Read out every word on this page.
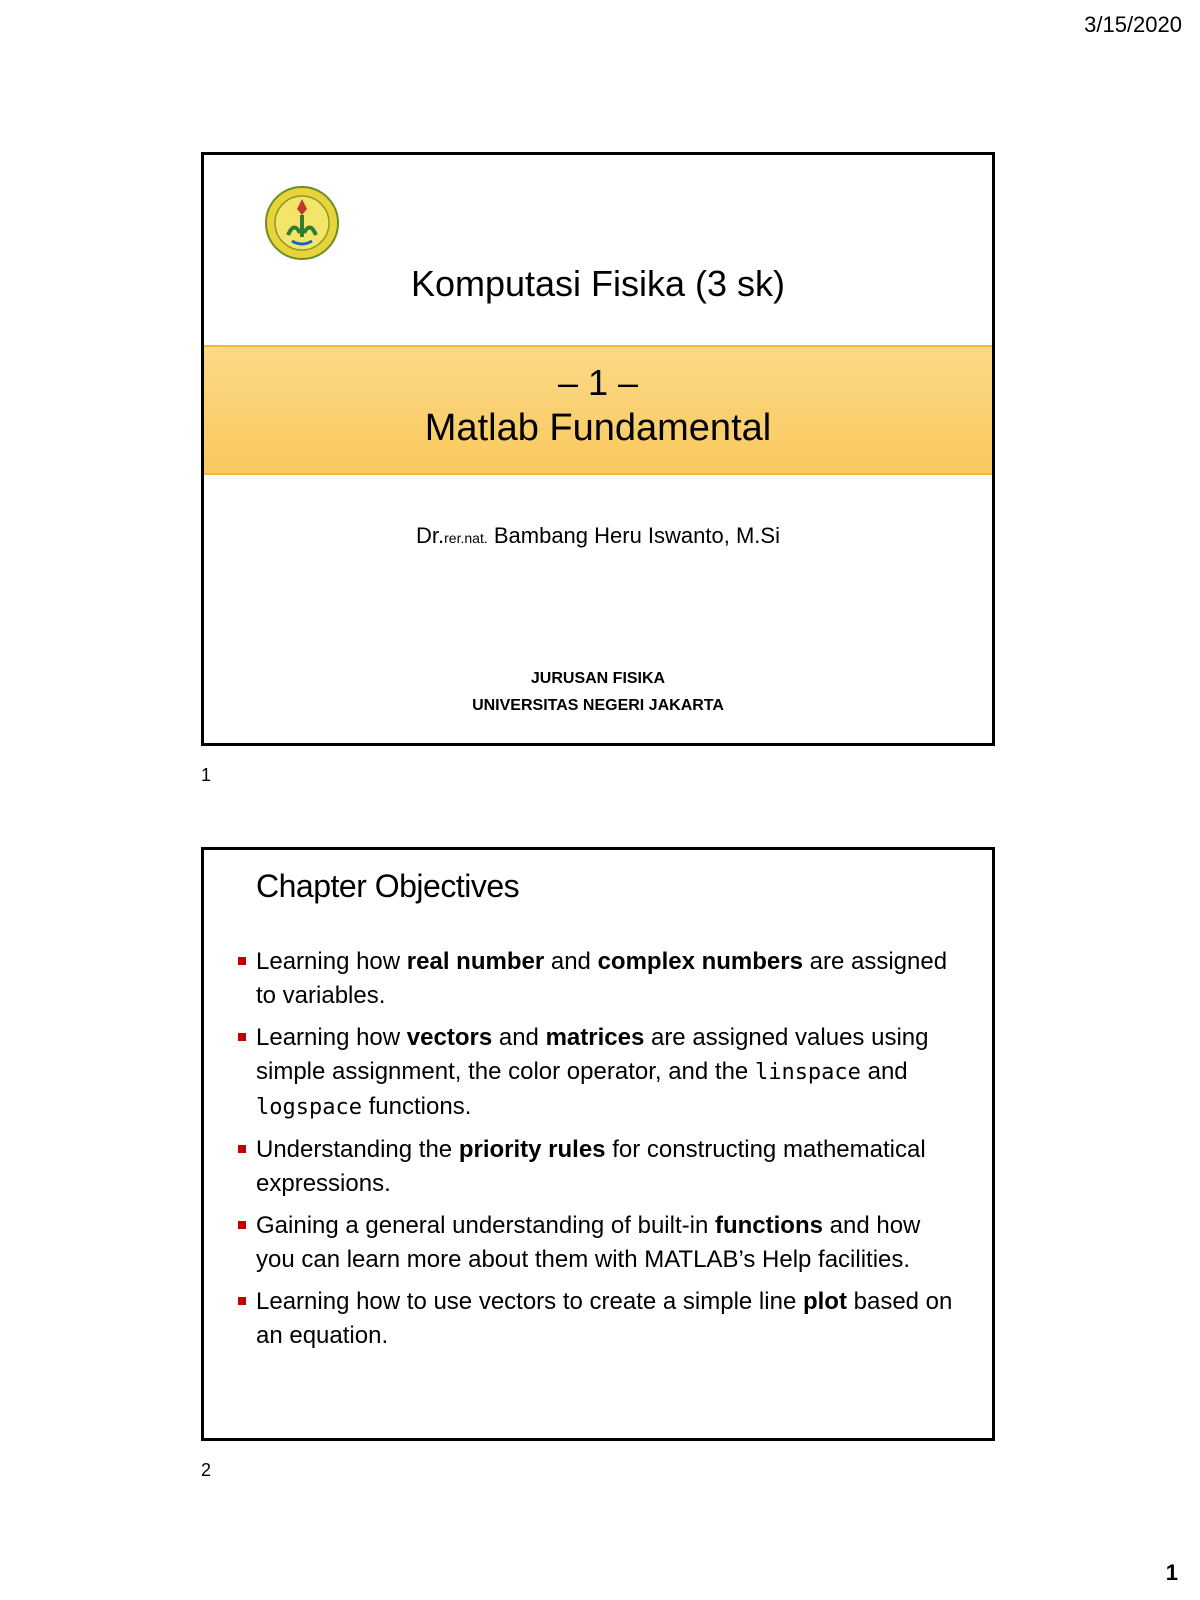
3/15/2020
Komputasi Fisika (3 sk)
– 1 –
Matlab Fundamental
Dr.rer.nat. Bambang Heru Iswanto, M.Si
JURUSAN FISIKA
UNIVERSITAS NEGERI JAKARTA
1
Chapter Objectives
Learning how real number and complex numbers are assigned to variables.
Learning how vectors and matrices are assigned values using simple assignment, the color operator, and the linspace and logspace functions.
Understanding the priority rules for constructing mathematical expressions.
Gaining a general understanding of built-in functions and how you can learn more about them with MATLAB’s Help facilities.
Learning how to use vectors to create a simple line plot based on an equation.
2
1
